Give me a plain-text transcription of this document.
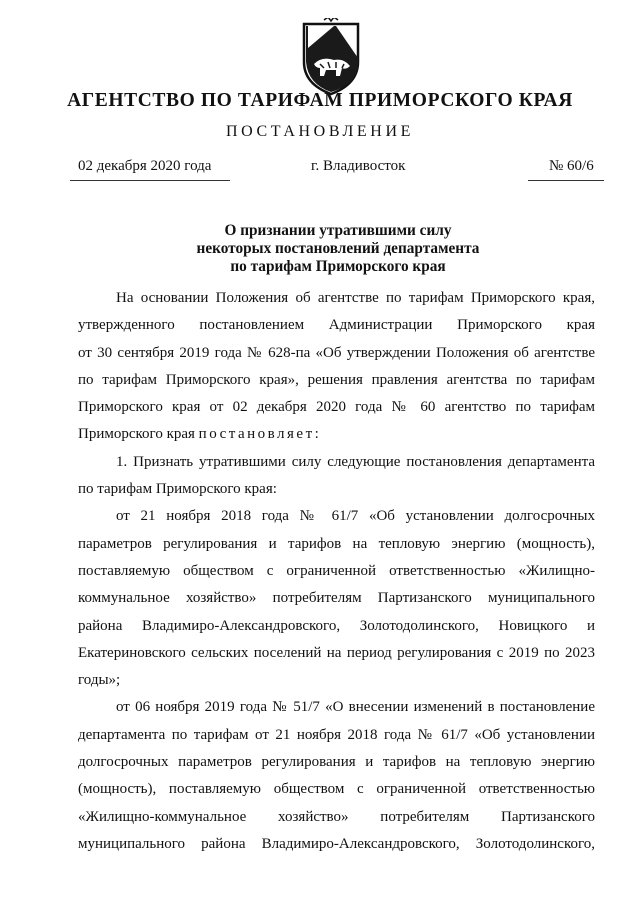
АГЕНТСТВО ПО ТАРИФАМ ПРИМОРСКОГО КРАЯ
ПОСТАНОВЛЕНИЕ
02 декабря 2020 года	г. Владивосток	№ 60/6
О признании утратившими силу
некоторых постановлений департамента
по тарифам Приморского края
На основании Положения об агентстве по тарифам Приморского края,
утвержденного постановлением Администрации Приморского края
от 30 сентября 2019 года № 628-па «Об утверждении Положения об агентстве
по тарифам Приморского края», решения правления агентства по тарифам
Приморского края от 02 декабря 2020 года № 60 агентство по тарифам
Приморского края постановляет:
1. Признать утратившими силу следующие постановления департамента
по тарифам Приморского края:
от 21 ноября 2018 года № 61/7 «Об установлении долгосрочных
параметров регулирования и тарифов на тепловую энергию (мощность),
поставляемую обществом с ограниченной ответственностью «Жилищно-
коммунальное хозяйство» потребителям Партизанского муниципального
района Владимиро-Александровского, Золотодолинского, Новицкого и
Екатериновского сельских поселений на период регулирования с 2019 по 2023
годы»;
от 06 ноября 2019 года № 51/7 «О внесении изменений в постановление
департамента по тарифам от 21 ноября 2018 года № 61/7 «Об установлении
долгосрочных параметров регулирования и тарифов на тепловую энергию
(мощность), поставляемую обществом с ограниченной ответственностью
«Жилищно-коммунальное хозяйство» потребителям Партизанского
муниципального района Владимиро-Александровского, Золотодолинского,
